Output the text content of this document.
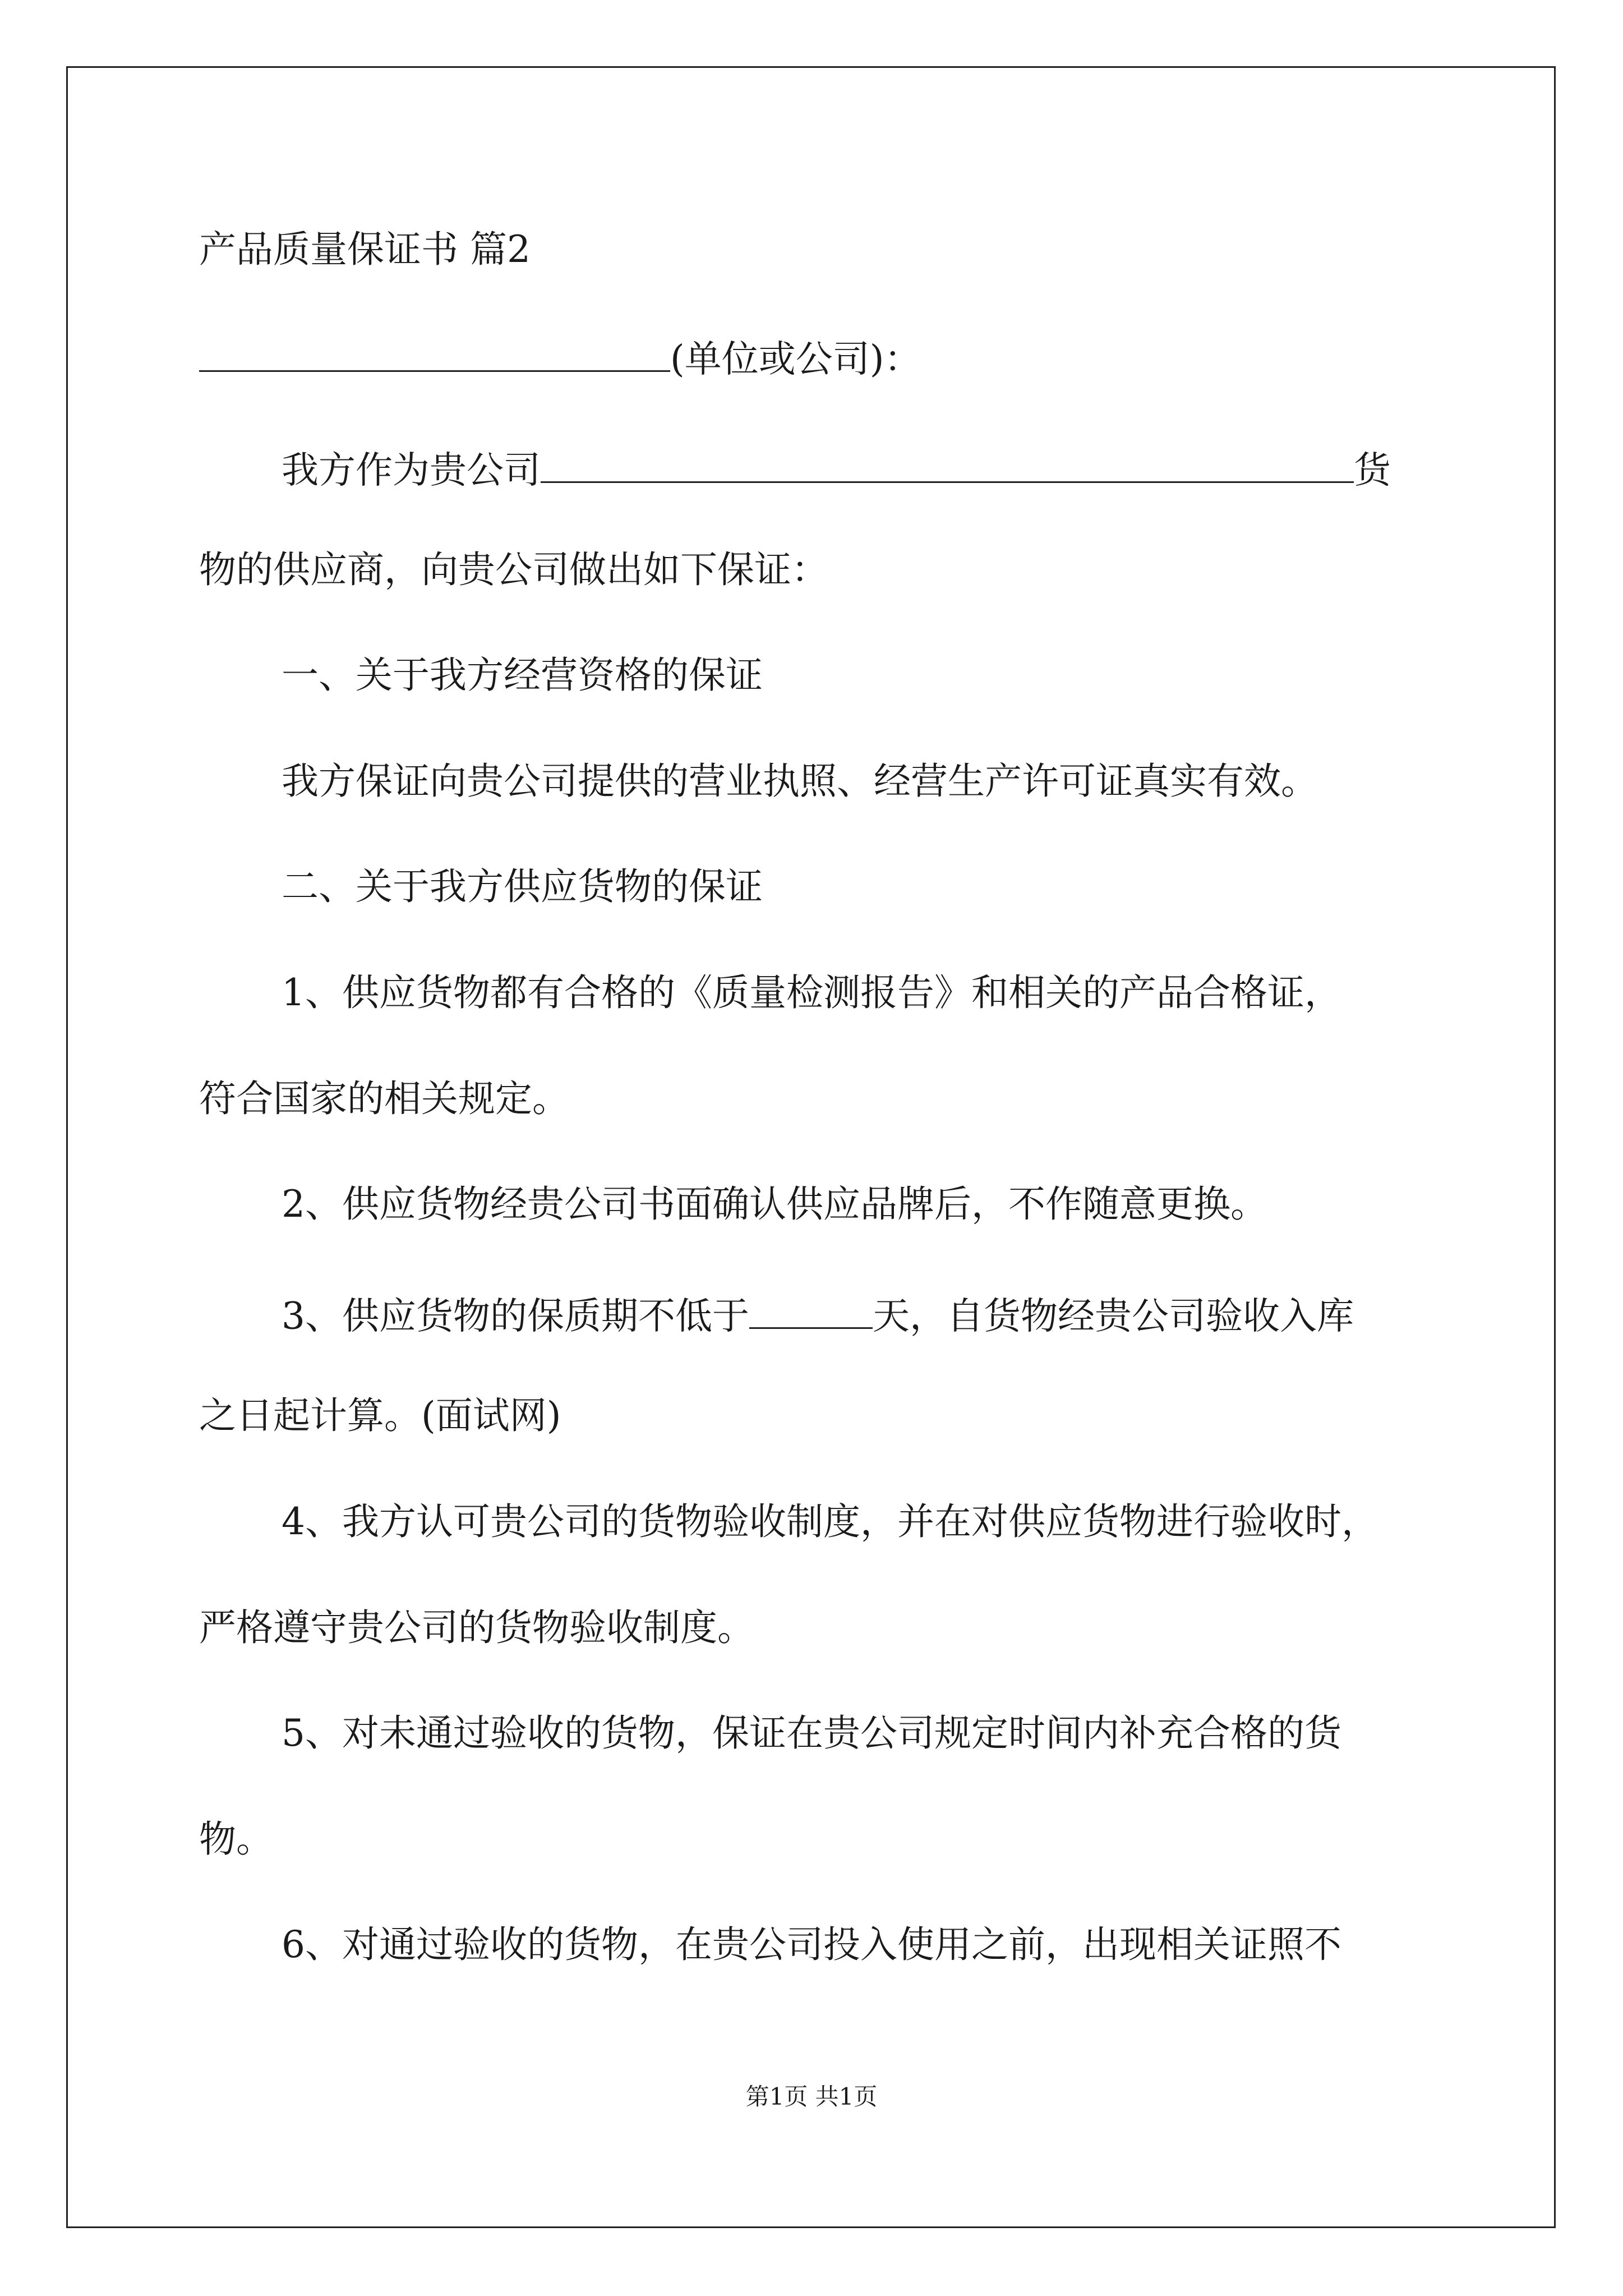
产品质量保证书 篇2
(单位或公司)：
我方作为贵公司	货
物的供应商，向贵公司做出如下保证：
一、关于我方经营资格的保证
我方保证向贵公司提供的营业执照、经营生产许可证真实有效。
二、关于我方供应货物的保证
1、供应货物都有合格的《质量检测报告》和相关的产品合格证，
符合国家的相关规定。
2、供应货物经贵公司书面确认供应品牌后，不作随意更换。
3、供应货物的保质期不低于	天，自货物经贵公司验收入库
之日起计算。(面试网)
4、我方认可贵公司的货物验收制度，并在对供应货物进行验收时，
严格遵守贵公司的货物验收制度。
5、对未通过验收的货物，保证在贵公司规定时间内补充合格的货
物。
6、对通过验收的货物，在贵公司投入使用之前，出现相关证照不
第1页 共1页
